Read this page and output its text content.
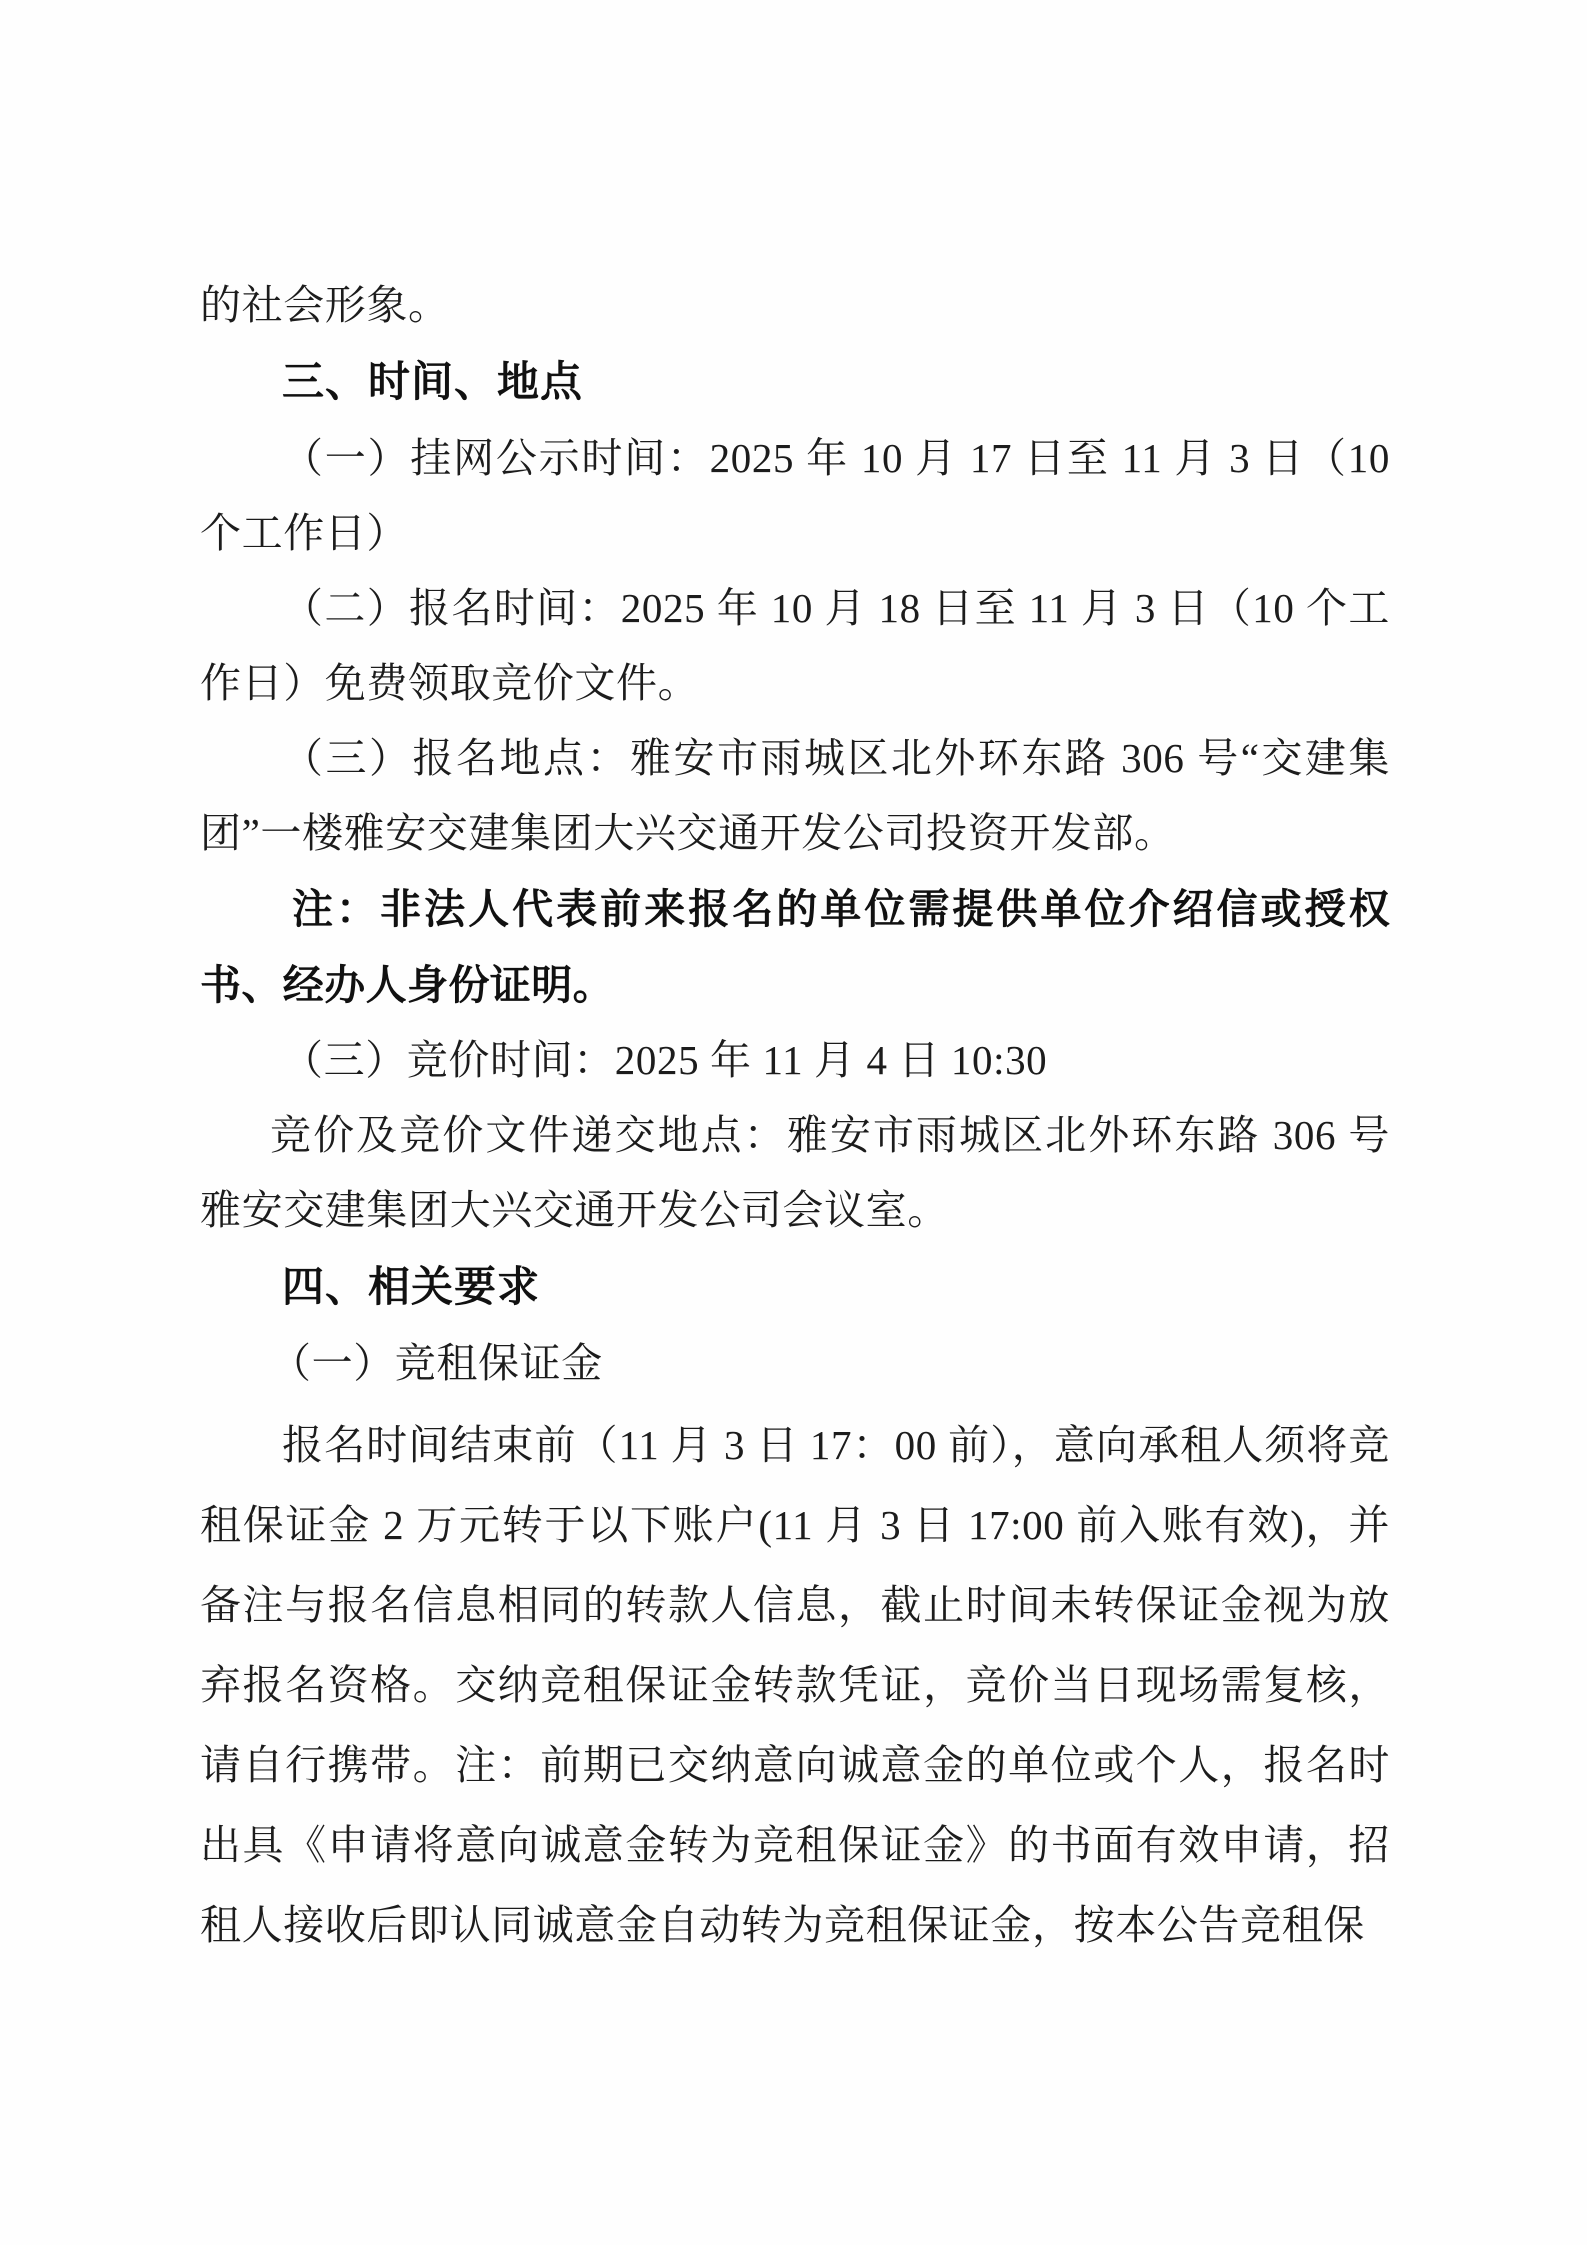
的社会形象。

三、时间、地点

（一）挂网公示时间：2025 年 10 月 17 日至 11 月 3 日（10 个工作日）

（二）报名时间：2025 年 10 月 18 日至 11 月 3 日（10 个工作日）免费领取竞价文件。

（三）报名地点：雅安市雨城区北外环东路 306 号“交建集团”一楼雅安交建集团大兴交通开发公司投资开发部。

注：非法人代表前来报名的单位需提供单位介绍信或授权书、经办人身份证明。

（三）竞价时间：2025 年 11 月 4 日 10:30

竞价及竞价文件递交地点：雅安市雨城区北外环东路 306 号雅安交建集团大兴交通开发公司会议室。

四、相关要求

（一）竞租保证金

报名时间结束前（11 月 3 日 17：00 前），意向承租人须将竞租保证金 2 万元转于以下账户(11 月 3 日 17:00 前入账有效)，并备注与报名信息相同的转款人信息，截止时间未转保证金视为放弃报名资格。交纳竞租保证金转款凭证，竞价当日现场需复核，请自行携带。注：前期已交纳意向诚意金的单位或个人，报名时出具《申请将意向诚意金转为竞租保证金》的书面有效申请，招租人接收后即认同诚意金自动转为竞租保证金，按本公告竞租保
